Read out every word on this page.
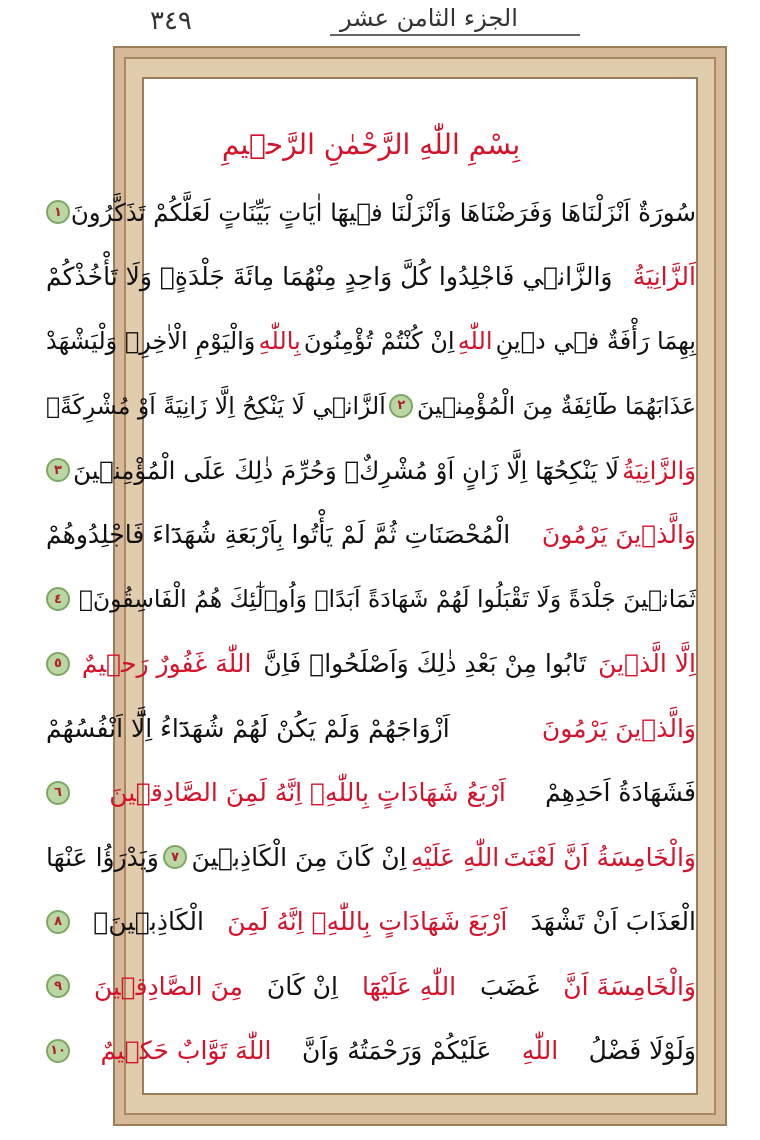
٣٤٩	الجزء الثامن عشر
بِسْمِ اللّٰهِ الرَّحْمٰنِ الرَّح۪يمِ
سُورَةٌ اَنْزَلْنَاهَا وَفَرَضْنَاهَا وَاَنْزَلْنَا ف۪يهَٓا اٰيَاتٍ بَيِّنَاتٍ لَعَلَّكُمْ تَذَكَّرُونَ
١
اَلزَّانِيَةُ
وَالزَّان۪ي فَاجْلِدُوا كُلَّ وَاحِدٍ مِنْهُمَا مِائَةَ جَلْدَةٍۖ وَلَا تَأْخُذْكُمْ
بِهِمَا رَأْفَةٌ ف۪ي د۪ينِ
اللّٰهِ
اِنْ كُنْتُمْ تُؤْمِنُونَ
بِاللّٰهِ
وَالْيَوْمِ الْاٰخِرِۚ وَلْيَشْهَدْ
عَذَابَهُمَا طَٓائِفَةٌ مِنَ الْمُؤْمِن۪ينَ
٢
اَلزَّان۪ي لَا يَنْكِحُ اِلَّا زَانِيَةً اَوْ مُشْرِكَةًۘ
وَالزَّانِيَةُ
لَا يَنْكِحُهَٓا اِلَّا زَانٍ اَوْ مُشْرِكٌۚ وَحُرِّمَ ذٰلِكَ عَلَى الْمُؤْمِن۪ينَ
٣
وَالَّذ۪ينَ يَرْمُونَ
الْمُحْصَنَاتِ ثُمَّ لَمْ يَأْتُوا بِاَرْبَعَةِ شُهَدَٓاءَ فَاجْلِدُوهُمْ
ثَمَان۪ينَ جَلْدَةً وَلَا تَقْبَلُوا لَهُمْ شَهَادَةً اَبَدًاۚ وَاُو۬لٰٓئِكَ هُمُ الْفَاسِقُونَۙ
٤
اِلَّا الَّذ۪ينَ
تَابُوا مِنْ بَعْدِ ذٰلِكَ وَاَصْلَحُواۚ فَاِنَّ
اللّٰهَ غَفُورٌ رَح۪يمٌ
٥
وَالَّذ۪ينَ يَرْمُونَ
اَزْوَاجَهُمْ وَلَمْ يَكُنْ لَهُمْ شُهَدَٓاءُ اِلَّٓا اَنْفُسُهُمْ
فَشَهَادَةُ اَحَدِهِمْ
اَرْبَعُ شَهَادَاتٍ بِاللّٰهِۙ اِنَّهُ لَمِنَ الصَّادِق۪ينَ
٦
وَالْخَامِسَةُ اَنَّ لَعْنَتَ
اللّٰهِ عَلَيْهِ
اِنْ كَانَ مِنَ الْكَاذِب۪ينَ
٧
وَيَدْرَؤُا عَنْهَا
الْعَذَابَ اَنْ تَشْهَدَ
اَرْبَعَ شَهَادَاتٍ بِاللّٰهِۙ اِنَّهُ لَمِنَ
الْكَاذِب۪ينَۙ
٨
وَالْخَامِسَةَ اَنَّ
غَضَبَ
اللّٰهِ عَلَيْهَٓا
اِنْ كَانَ
مِنَ الصَّادِق۪ينَ
٩
وَلَوْلَا فَضْلُ
اللّٰهِ
عَلَيْكُمْ وَرَحْمَتُهُ وَاَنَّ
اللّٰهَ تَوَّابٌ حَك۪يمٌ
١٠
